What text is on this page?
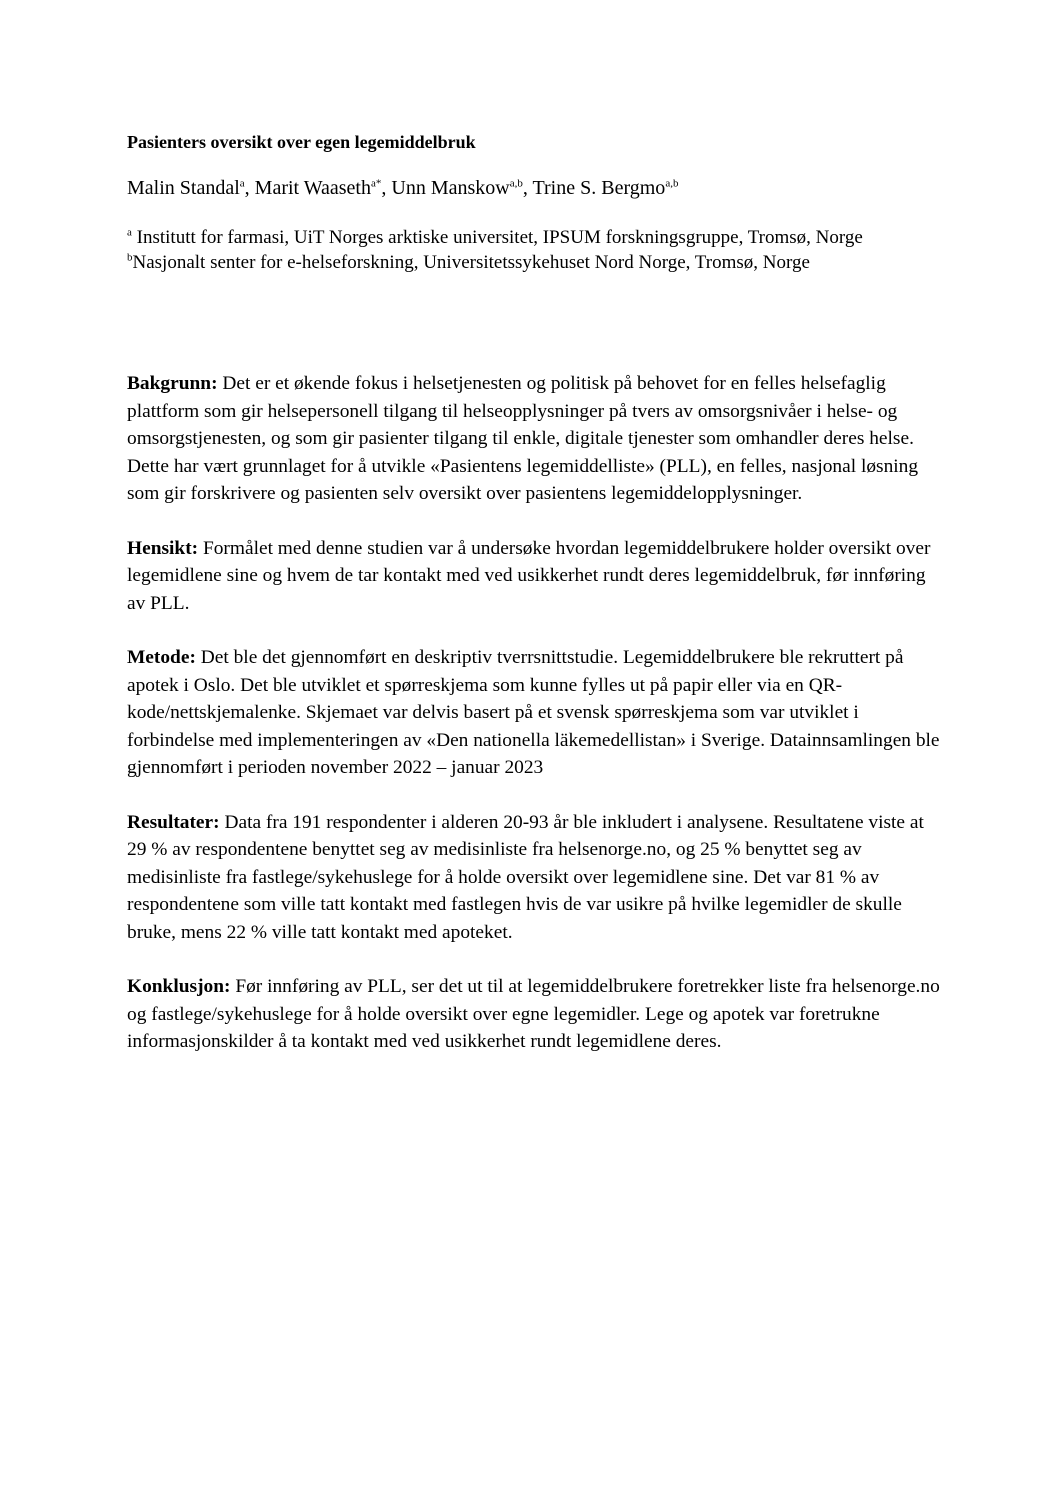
Pasienters oversikt over egen legemiddelbruk
Malin Standal$^a$, Marit Waaseth$^{a*}$, Unn Manskow$^{a,b}$, Trine S. Bergmo$^{a,b}$

$^a$ Institutt for farmasi, UiT Norges arktiske universitet, IPSUM forskningsgruppe, Tromsø, Norge

$^b$Nasjonalt senter for e-helseforskning, Universitetssykehuset Nord Norge, Tromsø, Norge

Bakgrunn: Det er et økende fokus i helsetjenesten og politisk på behovet for en felles helsefaglig plattform som gir helsepersonell tilgang til helseopplysninger på tvers av omsorgsnivåer i helse- og omsorgstjenesten, og som gir pasienter tilgang til enkle, digitale tjenester som omhandler deres helse. Dette har vært grunnlaget for å utvikle «Pasientens legemiddelliste» (PLL), en felles, nasjonal løsning som gir forskrivere og pasienten selv oversikt over pasientens legemiddelopplysninger.

Hensikt: Formålet med denne studien var å undersøke hvordan legemiddelbrukere holder oversikt over legemidlene sine og hvem de tar kontakt med ved usikkerhet rundt deres legemiddelbruk, før innføring av PLL.

Metode: Det ble det gjennomført en deskriptiv tverrsnittstudie. Legemiddelbrukere ble rekruttert på apotek i Oslo. Det ble utviklet et spørreskjema som kunne fylles ut på papir eller via en QR-kode/nettskjemalenke. Skjemaet var delvis basert på et svensk spørreskjema som var utviklet i forbindelse med implementeringen av «Den nationella läkemedellistan» i Sverige. Datainnsamlingen ble gjennomført i perioden november 2022 – januar 2023

Resultater: Data fra 191 respondenter i alderen 20-93 år ble inkludert i analysene. Resultatene viste at 29 % av respondentene benyttet seg av medisinliste fra helsenorge.no, og 25 % benyttet seg av medisinliste fra fastlege/sykehuslege for å holde oversikt over legemidlene sine. Det var 81 % av respondentene som ville tatt kontakt med fastlegen hvis de var usikre på hvilke legemidler de skulle bruke, mens 22 % ville tatt kontakt med apoteket.

Konklusjon: Før innføring av PLL, ser det ut til at legemiddelbrukere foretrekker liste fra helsenorge.no og fastlege/sykehuslege for å holde oversikt over egne legemidler. Lege og apotek var foretrukne informasjonskilder å ta kontakt med ved usikkerhet rundt legemidlene deres.
